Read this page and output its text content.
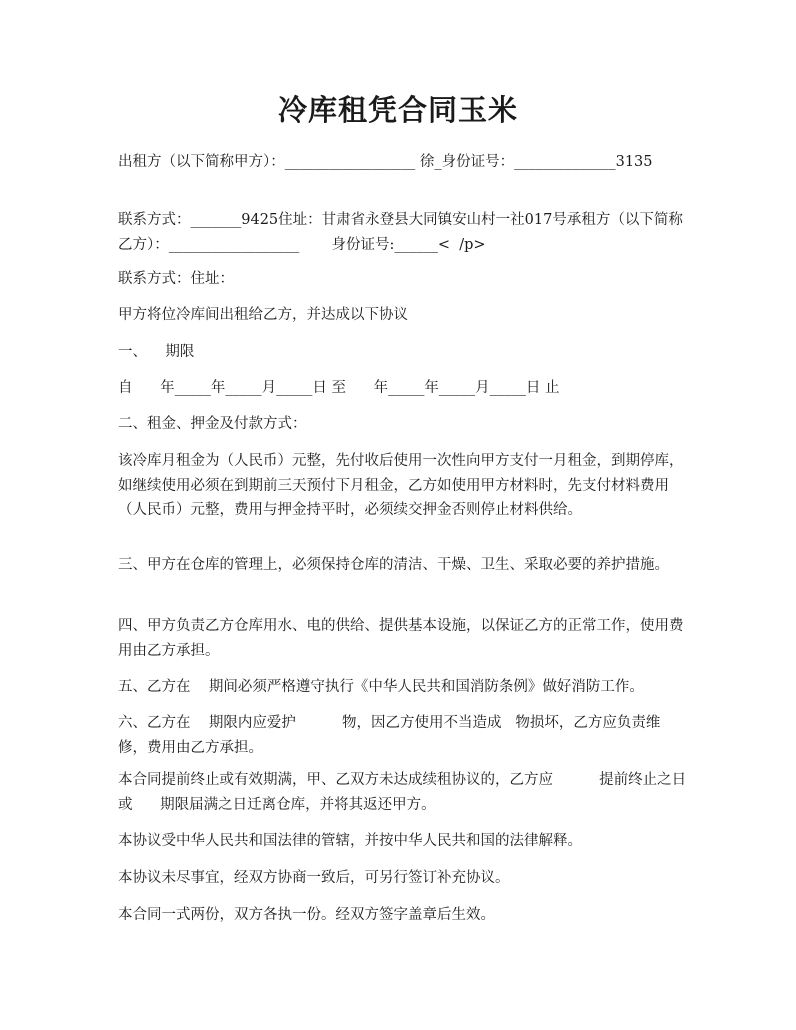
冷库租凭合同玉米

出租方（以下简称甲方）：__________________ 徐_身份证号：______________3135

联系方式：_______9425住址：甘肃省永登县大同镇安山村一社017号承租方（以下简称乙方）：__________________       身份证号:______<  /p>

联系方式：住址：

甲方将位冷库间出租给乙方，并达成以下协议

一、    期限

自      年_____年_____月_____日 至      年_____年_____月_____日 止

二、租金、押金及付款方式：

该冷库月租金为（人民币）元整，先付收后使用一次性向甲方支付一月租金，到期停库，如继续使用必须在到期前三天预付下月租金，乙方如使用甲方材料时，先支付材料费用（人民币）元整，费用与押金持平时，必须续交押金否则停止材料供给。

三、甲方在仓库的管理上，必须保持仓库的清洁、干燥、卫生、采取必要的养护措施。

四、甲方负责乙方仓库用水、电的供给、提供基本设施，以保证乙方的正常工作，使用费用由乙方承担。

五、乙方在    期间必须严格遵守执行《中华人民共和国消防条例》做好消防工作。

六、乙方在    期限内应爱护          物，因乙方使用不当造成   物损坏，乙方应负责维修，费用由乙方承担。

本合同提前终止或有效期满，甲、乙双方未达成续租协议的，乙方应          提前终止之日或      期限届满之日迁离仓库，并将其返还甲方。

本协议受中华人民共和国法律的管辖，并按中华人民共和国的法律解释。

本协议未尽事宜，经双方协商一致后，可另行签订补充协议。

本合同一式两份，双方各执一份。经双方签字盖章后生效。
